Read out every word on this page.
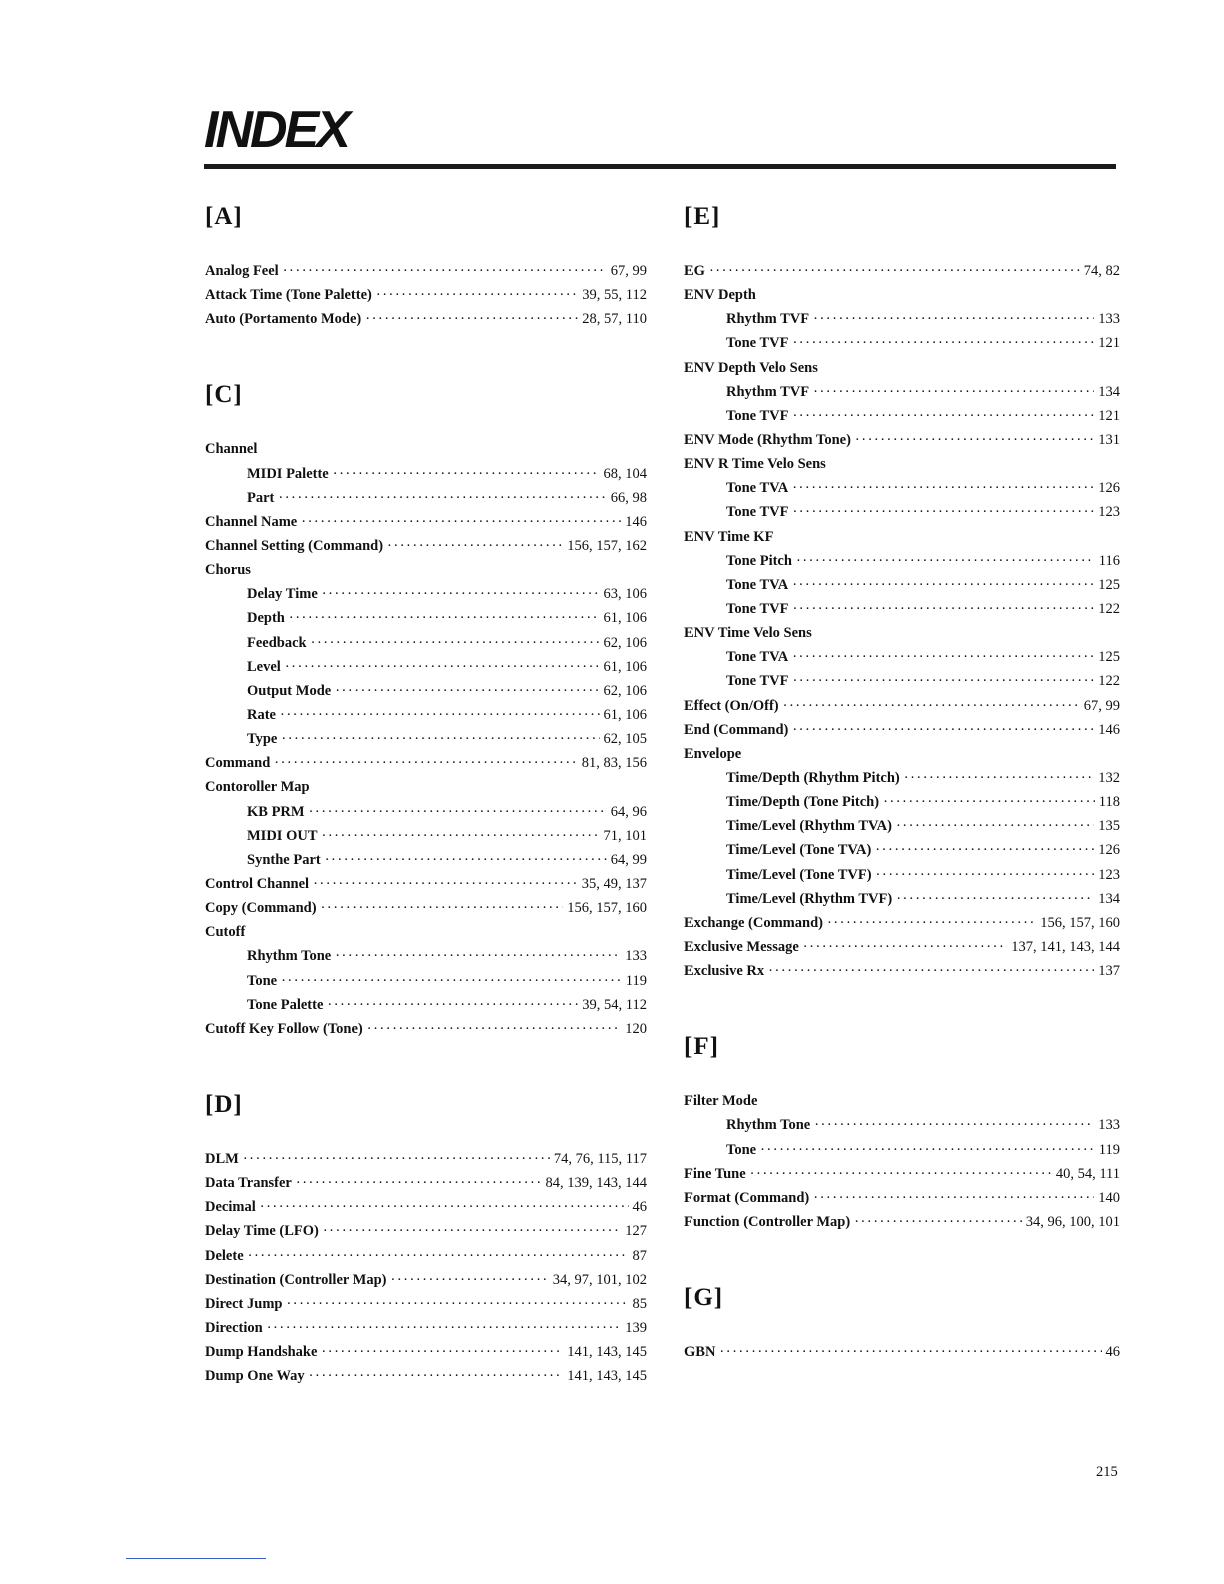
INDEX
[A]
Analog Feel ·····	67, 99
Attack Time (Tone Palette) ·····	39, 55, 112
Auto (Portamento Mode) ·····	28, 57, 110
[C]
Channel
MIDI Palette ·····	68, 104
Part ·····	66, 98
Channel Name ·····	146
Channel Setting (Command) ·····	156, 157, 162
Chorus
Delay Time ·····	63, 106
Depth ·····	61, 106
Feedback ·····	62, 106
Level ·····	61, 106
Output Mode ·····	62, 106
Rate ·····	61, 106
Type ·····	62, 105
Command ·····	81, 83, 156
Contoroller Map
KB PRM ·····	64, 96
MIDI OUT ·····	71, 101
Synthe Part ·····	64, 99
Control Channel ·····	35, 49, 137
Copy (Command) ·····	156, 157, 160
Cutoff
Rhythm Tone ·····	133
Tone ·····	119
Tone Palette ·····	39, 54, 112
Cutoff Key Follow (Tone) ·····	120
[D]
DLM ·····	74, 76, 115, 117
Data Transfer ·····	84, 139, 143, 144
Decimal ·····	46
Delay Time (LFO) ·····	127
Delete ·····	87
Destination (Controller Map) ·····	34, 97, 101, 102
Direct Jump ·····	85
Direction ·····	139
Dump Handshake ·····	141, 143, 145
Dump One Way ·····	141, 143, 145
[E]
EG ·····	74, 82
ENV Depth
Rhythm TVF ·····	133
Tone TVF ·····	121
ENV Depth Velo Sens
Rhythm TVF ·····	134
Tone TVF ·····	121
ENV Mode (Rhythm Tone) ·····	131
ENV R Time Velo Sens
Tone TVA ·····	126
Tone TVF ·····	123
ENV Time KF
Tone Pitch ·····	116
Tone TVA ·····	125
Tone TVF ·····	122
ENV Time Velo Sens
Tone TVA ·····	125
Tone TVF ·····	122
Effect (On/Off) ·····	67, 99
End (Command) ·····	146
Envelope
Time/Depth (Rhythm Pitch) ·····	132
Time/Depth (Tone Pitch) ·····	118
Time/Level (Rhythm TVA) ·····	135
Time/Level (Tone TVA) ·····	126
Time/Level (Tone TVF) ·····	123
Time/Level (Rhythm TVF) ·····	134
Exchange (Command) ·····	156, 157, 160
Exclusive Message ·····	137, 141, 143, 144
Exclusive Rx ·····	137
[F]
Filter Mode
Rhythm Tone ·····	133
Tone ·····	119
Fine Tune ·····	40, 54, 111
Format (Command) ·····	140
Function (Controller Map) ·····	34, 96, 100, 101
[G]
GBN ·····	46
215
